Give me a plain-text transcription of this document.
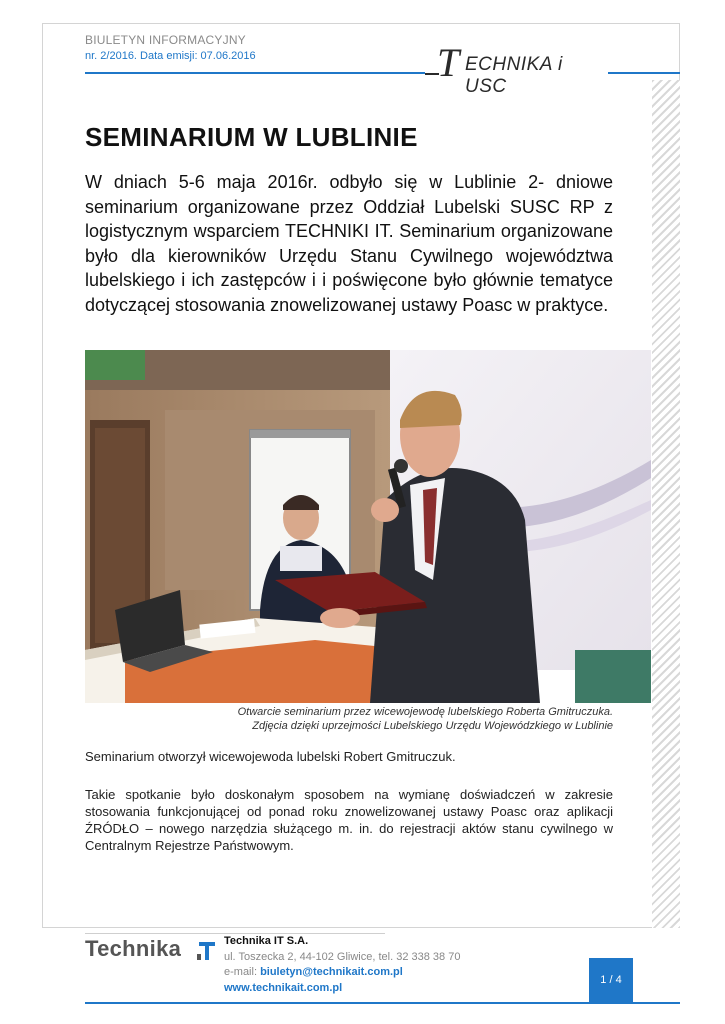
BIULETYN INFORMACYJNY
nr. 2/2016. Data emisji: 07.06.2016	T ECHNIKA i USC
SEMINARIUM W LUBLINIE

W dniach 5-6 maja 2016r. odbyło się w Lublinie 2- dniowe seminarium organizowane przez Oddział Lubelski SUSC RP z logistycznym wsparciem TECHNIKI IT. Seminarium organizowane było dla kierowników Urzędu Stanu Cywilnego województwa lubelskiego i ich zastępców i i poświęcone było głównie tematyce dotyczącej stosowania znowelizowanej ustawy Poasc w praktyce.

Otwarcie seminarium przez wicewojewodę lubelskiego Roberta Gmitruczuka.

Zdjęcia dzięki uprzejmości Lubelskiego Urzędu Wojewódzkiego w Lublinie

Seminarium otworzył wicewojewoda lubelski Robert Gmitruczuk.

Takie spotkanie było doskonałym sposobem na wymianę doświadczeń w zakresie stosowania funkcjonującej od ponad roku znowelizowanej ustawy Poasc oraz aplikacji ŹRÓDŁO – nowego narzędzia służącego m. in. do rejestracji aktów stanu cywilnego w Centralnym Rejestrze Państwowym.

Technika	Technika IT S.A.
ul. Toszecka 2, 44-102 Gliwice, tel. 32 338 38 70
e-mail: biuletyn@technikait.com.pl
www.technikait.com.pl
1 / 4
